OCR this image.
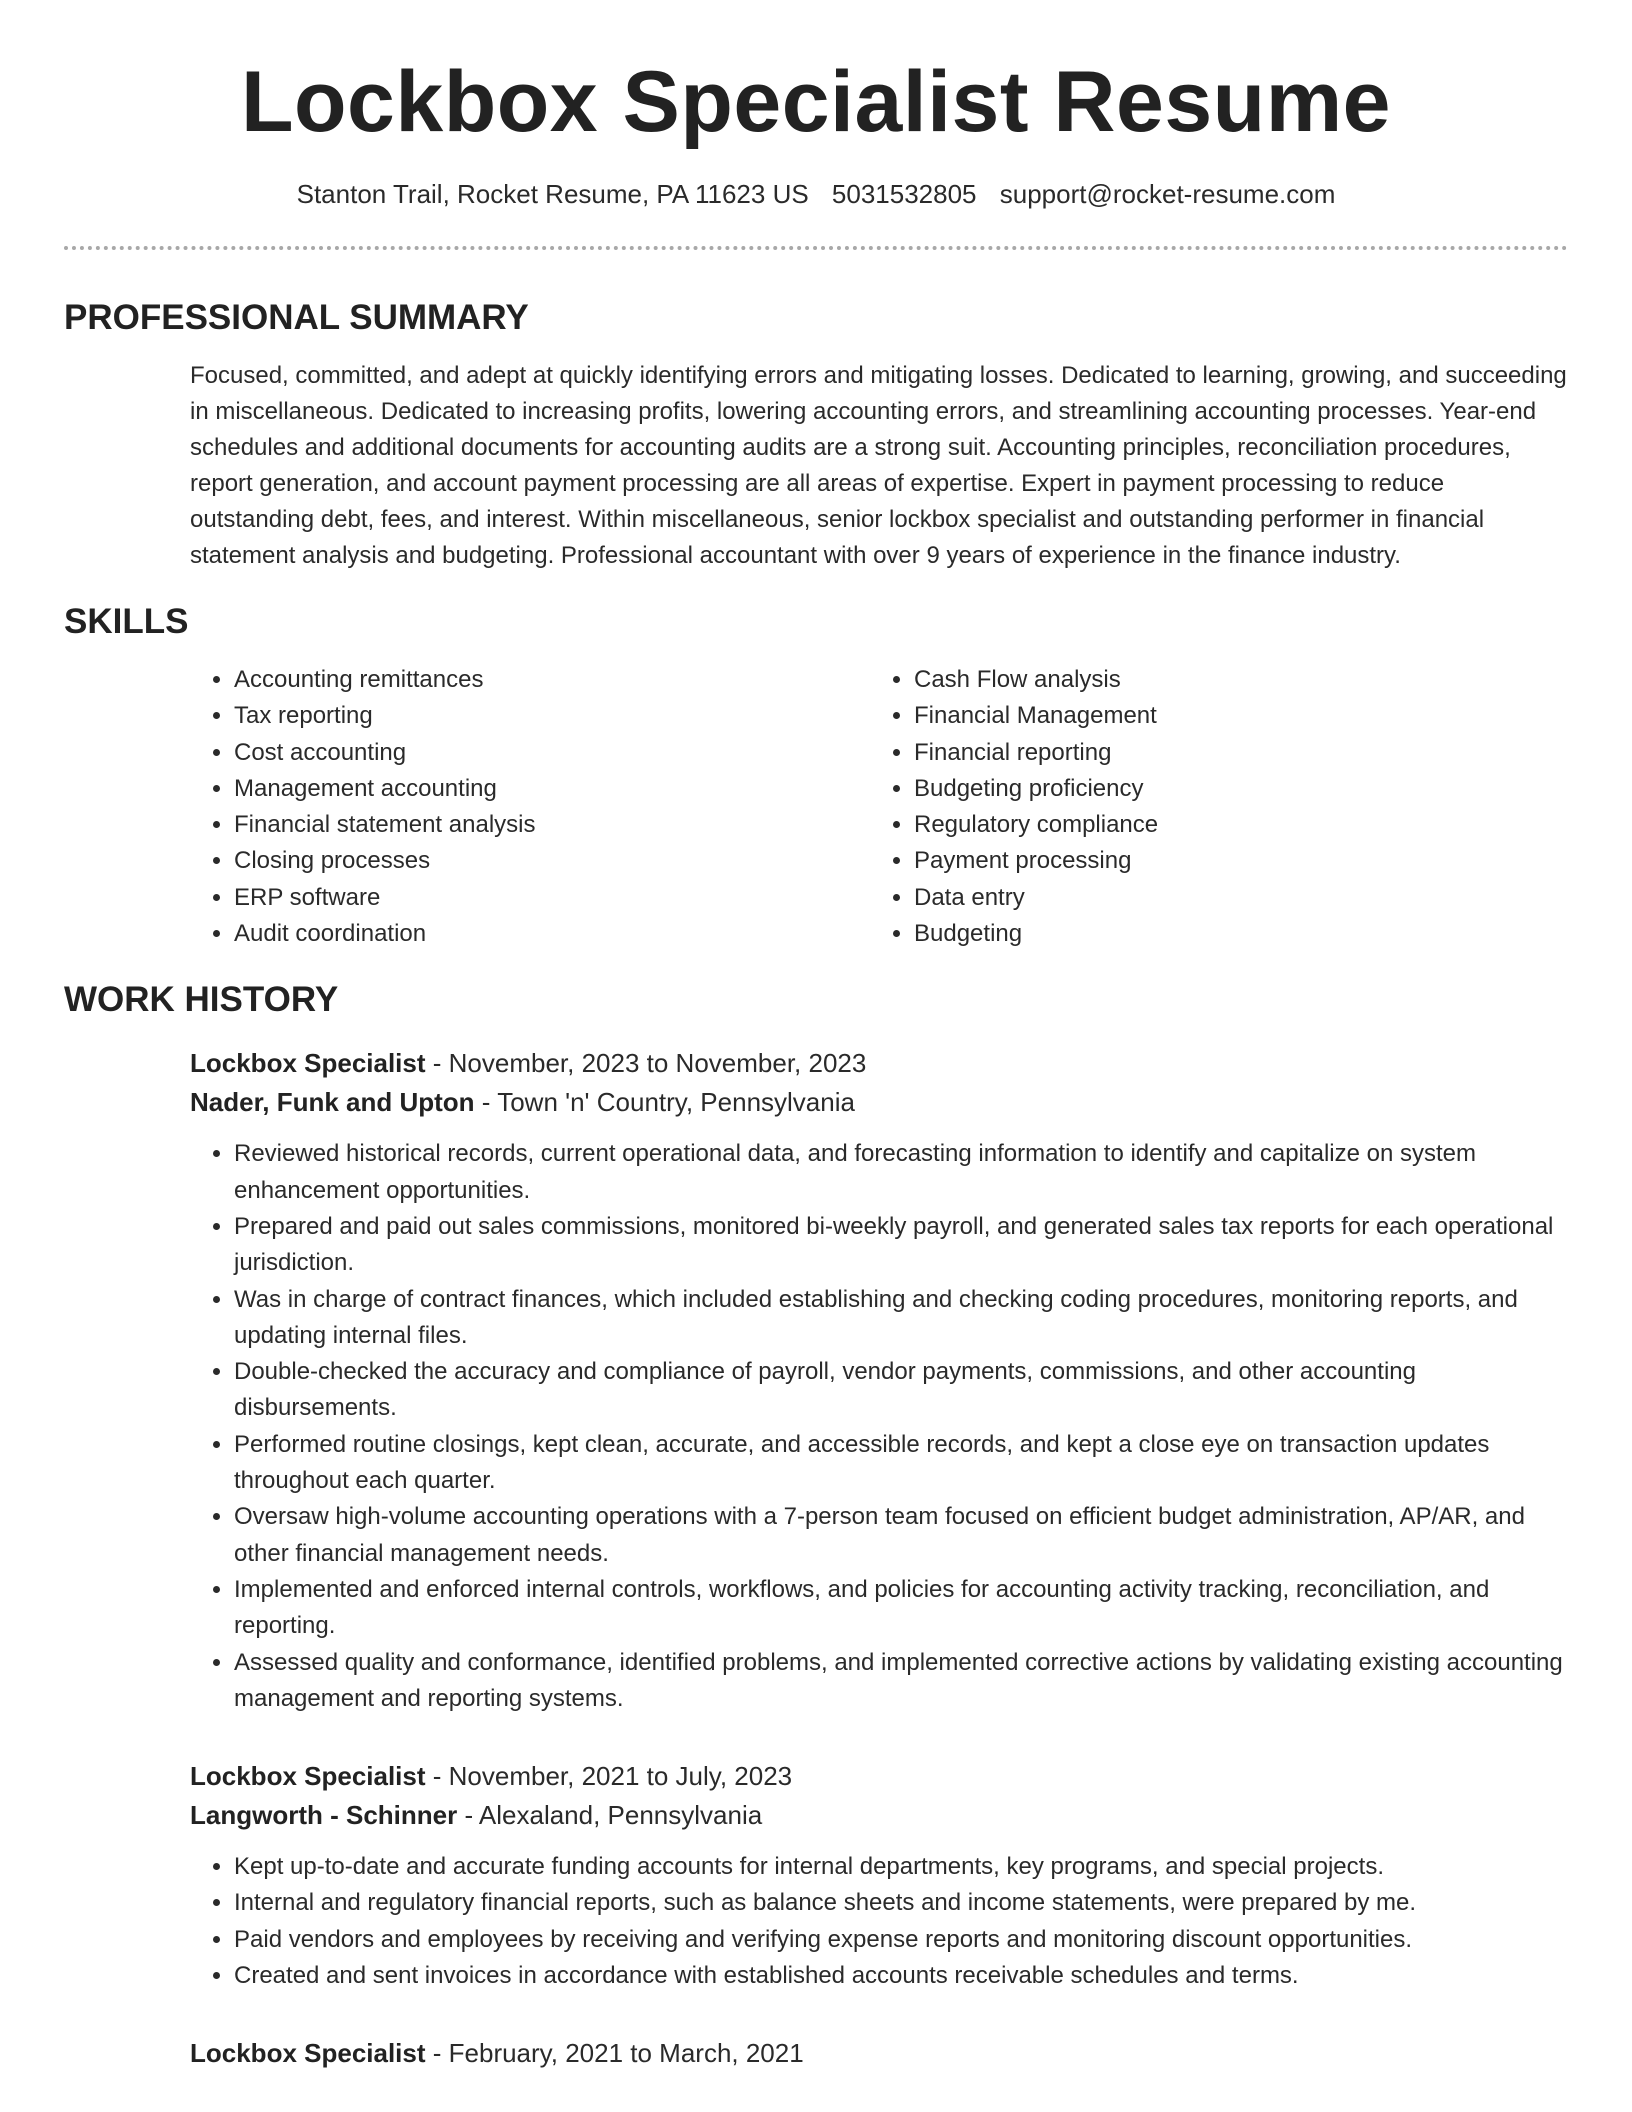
Lockbox Specialist Resume
Stanton Trail, Rocket Resume, PA 11623 US 5031532805 support@rocket-resume.com
PROFESSIONAL SUMMARY
Focused, committed, and adept at quickly identifying errors and mitigating losses. Dedicated to learning, growing, and succeeding in miscellaneous. Dedicated to increasing profits, lowering accounting errors, and streamlining accounting processes. Year-end schedules and additional documents for accounting audits are a strong suit. Accounting principles, reconciliation procedures, report generation, and account payment processing are all areas of expertise. Expert in payment processing to reduce outstanding debt, fees, and interest. Within miscellaneous, senior lockbox specialist and outstanding performer in financial statement analysis and budgeting. Professional accountant with over 9 years of experience in the finance industry.
SKILLS
• Accounting remittances
• Tax reporting
• Cost accounting
• Management accounting
• Financial statement analysis
• Closing processes
• ERP software
• Audit coordination
• Cash Flow analysis
• Financial Management
• Financial reporting
• Budgeting proficiency
• Regulatory compliance
• Payment processing
• Data entry
• Budgeting
WORK HISTORY
Lockbox Specialist - November, 2023 to November, 2023
Nader, Funk and Upton - Town 'n' Country, Pennsylvania
• Reviewed historical records, current operational data, and forecasting information to identify and capitalize on system enhancement opportunities.
• Prepared and paid out sales commissions, monitored bi-weekly payroll, and generated sales tax reports for each operational jurisdiction.
• Was in charge of contract finances, which included establishing and checking coding procedures, monitoring reports, and updating internal files.
• Double-checked the accuracy and compliance of payroll, vendor payments, commissions, and other accounting disbursements.
• Performed routine closings, kept clean, accurate, and accessible records, and kept a close eye on transaction updates throughout each quarter.
• Oversaw high-volume accounting operations with a 7-person team focused on efficient budget administration, AP/AR, and other financial management needs.
• Implemented and enforced internal controls, workflows, and policies for accounting activity tracking, reconciliation, and reporting.
• Assessed quality and conformance, identified problems, and implemented corrective actions by validating existing accounting management and reporting systems.
Lockbox Specialist - November, 2021 to July, 2023
Langworth - Schinner - Alexaland, Pennsylvania
• Kept up-to-date and accurate funding accounts for internal departments, key programs, and special projects.
• Internal and regulatory financial reports, such as balance sheets and income statements, were prepared by me.
• Paid vendors and employees by receiving and verifying expense reports and monitoring discount opportunities.
• Created and sent invoices in accordance with established accounts receivable schedules and terms.
Lockbox Specialist - February, 2021 to March, 2021
